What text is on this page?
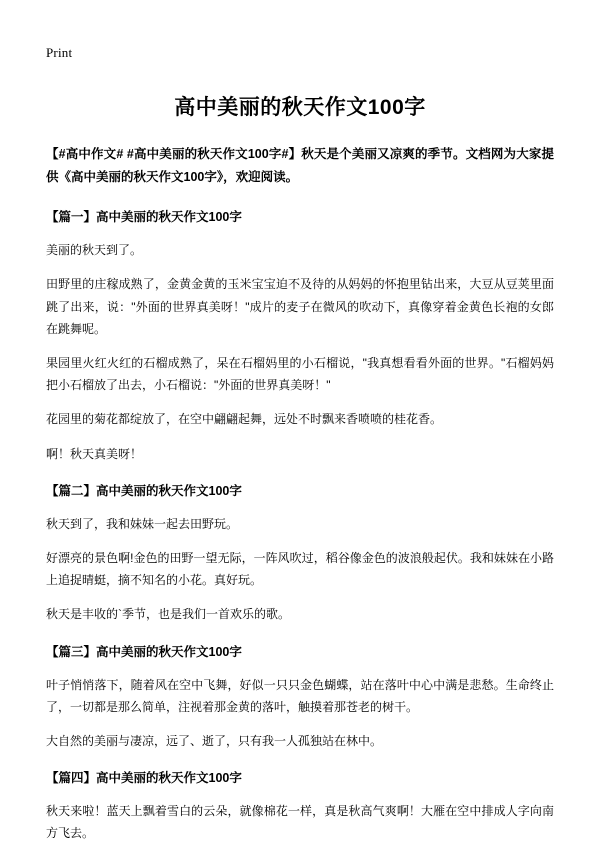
Print
高中美丽的秋天作文100字

【#高中作文# #高中美丽的秋天作文100字#】秋天是个美丽又凉爽的季节。文档网为大家提供《高中美丽的秋天作文100字》，欢迎阅读。

【篇一】高中美丽的秋天作文100字

美丽的秋天到了。

田野里的庄稼成熟了，金黄金黄的玉米宝宝迫不及待的从妈妈的怀抱里钻出来，大豆从豆荚里面跳了出来，说："外面的世界真美呀！"成片的麦子在微风的吹动下，真像穿着金黄色长袍的女郎在跳舞呢。

果园里火红火红的石榴成熟了，呆在石榴妈里的小石榴说，"我真想看看外面的世界。"石榴妈妈把小石榴放了出去，小石榴说："外面的世界真美呀！"

花园里的菊花都绽放了，在空中翩翩起舞，远处不时飘来香喷喷的桂花香。

啊！秋天真美呀！

【篇二】高中美丽的秋天作文100字

秋天到了，我和妹妹一起去田野玩。

好漂亮的景色啊!金色的田野一望无际，一阵风吹过，稻谷像金色的波浪般起伏。我和妹妹在小路上追捉晴蜓，摘不知名的小花。真好玩。

秋天是丰收的`季节，也是我们一首欢乐的歌。

【篇三】高中美丽的秋天作文100字

叶子悄悄落下，随着风在空中飞舞，好似一只只金色蝴蝶，站在落叶中心中满是悲愁。生命终止了，一切都是那么简单，注视着那金黄的落叶，触摸着那苍老的树干。

大自然的美丽与凄凉，远了、逝了，只有我一人孤独站在林中。

【篇四】高中美丽的秋天作文100字

秋天来啦！蓝天上飘着雪白的云朵，就像棉花一样，真是秋高气爽啊！大雁在空中排成人字向南方飞去。
